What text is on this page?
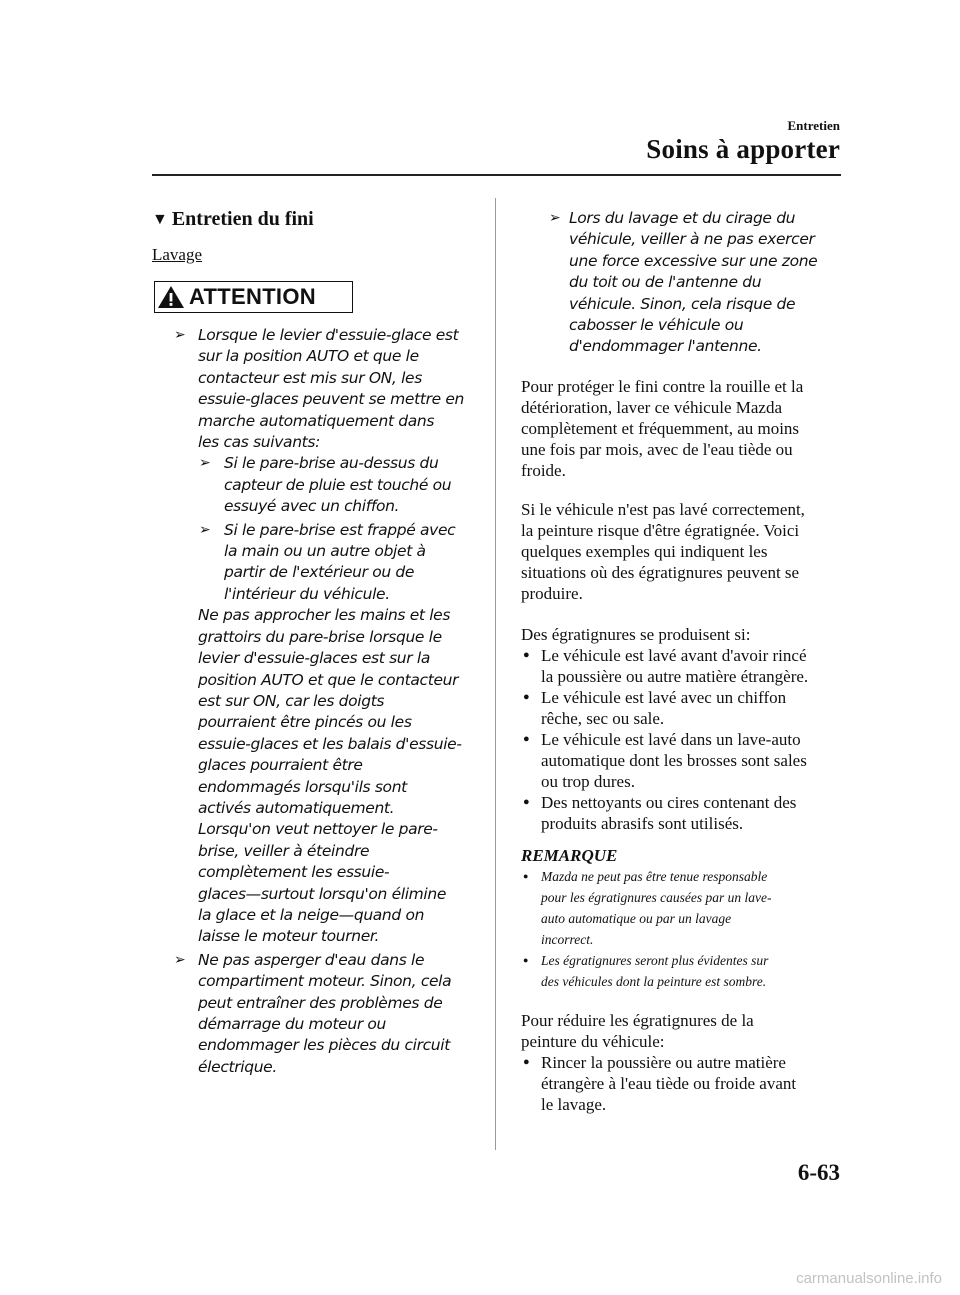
Entretien
Soins à apporter
▼ Entretien du fini
Lavage
ATTENTION
➢ Lorsque le levier d'essuie-glace est
sur la position AUTO et que le
contacteur est mis sur ON, les
essuie-glaces peuvent se mettre en
marche automatiquement dans
les cas suivants:
➢ Si le pare-brise au-dessus du
capteur de pluie est touché ou
essuyé avec un chiffon.
➢ Si le pare-brise est frappé avec
la main ou un autre objet à
partir de l'extérieur ou de
l'intérieur du véhicule.
Ne pas approcher les mains et les
grattoirs du pare-brise lorsque le
levier d'essuie-glaces est sur la
position AUTO et que le contacteur
est sur ON, car les doigts
pourraient être pincés ou les
essuie-glaces et les balais d'essuie-
glaces pourraient être
endommagés lorsqu'ils sont
activés automatiquement.
Lorsqu'on veut nettoyer le pare-
brise, veiller à éteindre
complètement les essuie-
glaces—surtout lorsqu'on élimine
la glace et la neige—quand on
laisse le moteur tourner.
➢ Ne pas asperger d'eau dans le
compartiment moteur. Sinon, cela
peut entraîner des problèmes de
démarrage du moteur ou
endommager les pièces du circuit
électrique.
➢ Lors du lavage et du cirage du
véhicule, veiller à ne pas exercer
une force excessive sur une zone
du toit ou de l'antenne du
véhicule. Sinon, cela risque de
cabosser le véhicule ou
d'endommager l'antenne.
Pour protéger le fini contre la rouille et la
détérioration, laver ce véhicule Mazda
complètement et fréquemment, au moins
une fois par mois, avec de l'eau tiède ou
froide.
Si le véhicule n'est pas lavé correctement,
la peinture risque d'être égratignée. Voici
quelques exemples qui indiquent les
situations où des égratignures peuvent se
produire.
Des égratignures se produisent si:
● Le véhicule est lavé avant d'avoir rincé
la poussière ou autre matière étrangère.
● Le véhicule est lavé avec un chiffon
rêche, sec ou sale.
● Le véhicule est lavé dans un lave-auto
automatique dont les brosses sont sales
ou trop dures.
● Des nettoyants ou cires contenant des
produits abrasifs sont utilisés.
REMARQUE
● Mazda ne peut pas être tenue responsable
pour les égratignures causées par un lave-
auto automatique ou par un lavage
incorrect.
● Les égratignures seront plus évidentes sur
des véhicules dont la peinture est sombre.
Pour réduire les égratignures de la
peinture du véhicule:
● Rincer la poussière ou autre matière
étrangère à l'eau tiède ou froide avant
le lavage.
6-63
carmanualsonline.info
